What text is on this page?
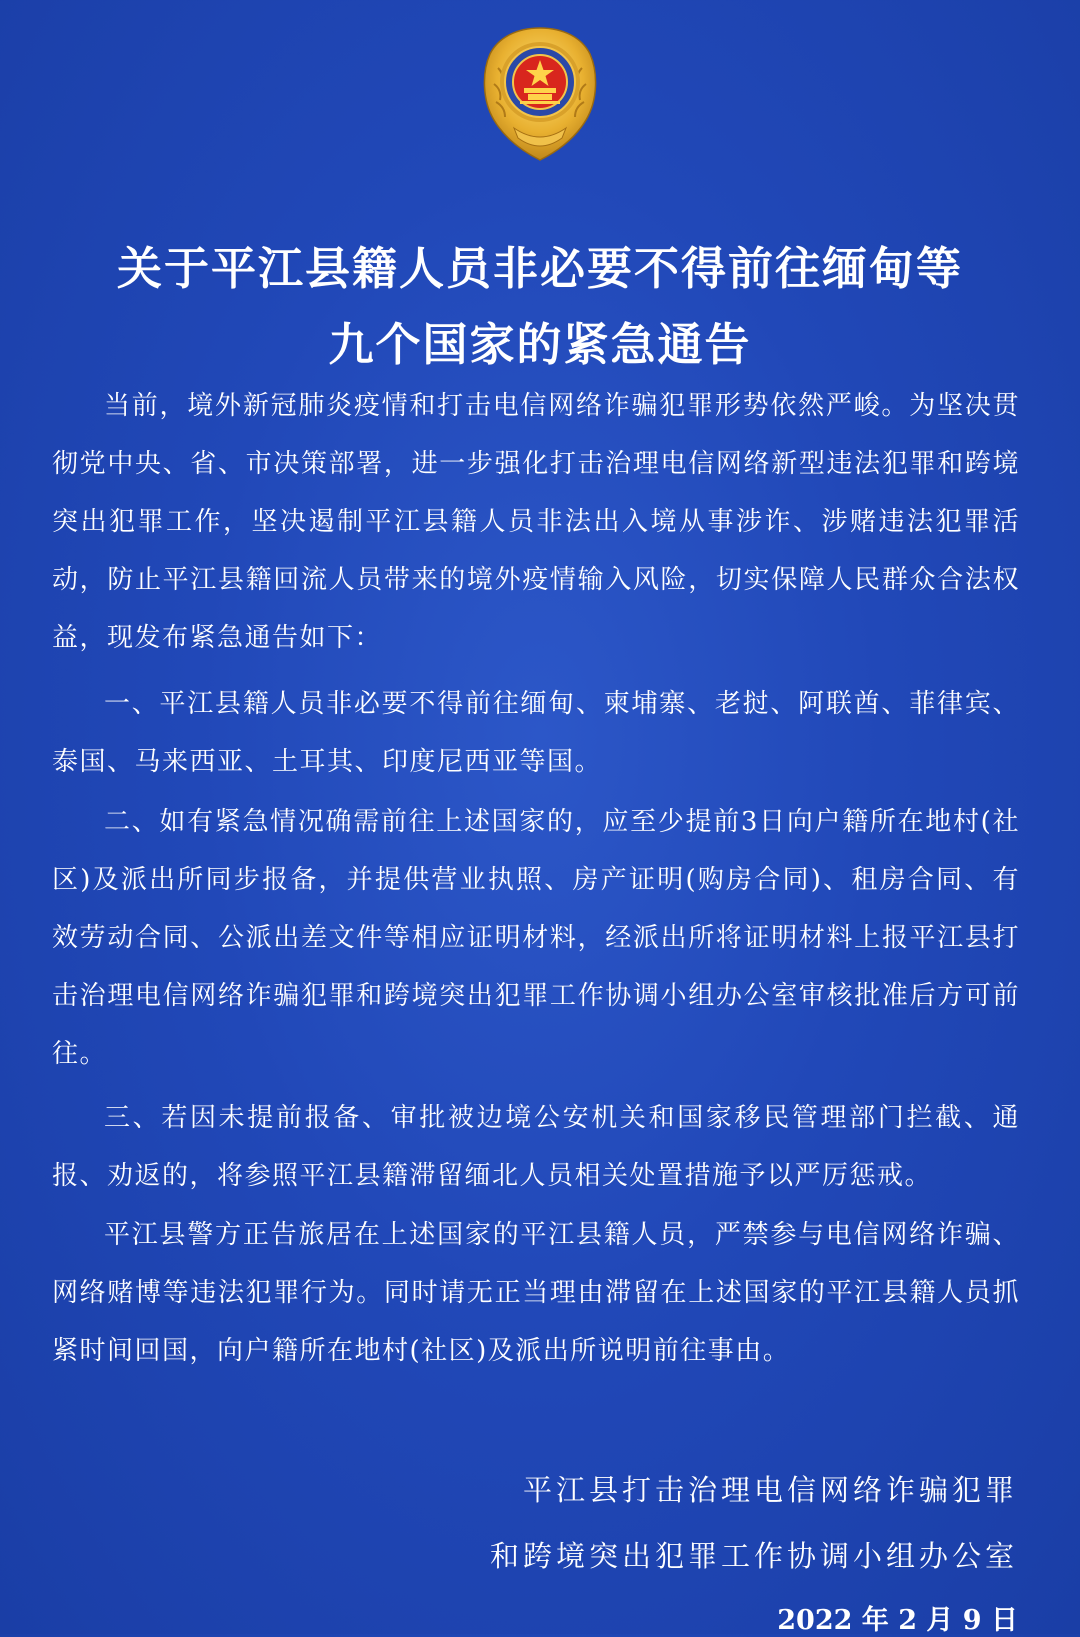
关于平江县籍人员非必要不得前往缅甸等
九个国家的紧急通告

当前，境外新冠肺炎疫情和打击电信网络诈骗犯罪形势依然严峻。为坚决贯彻党中央、省、市决策部署，进一步强化打击治理电信网络新型违法犯罪和跨境突出犯罪工作，坚决遏制平江县籍人员非法出入境从事涉诈、涉赌违法犯罪活动，防止平江县籍回流人员带来的境外疫情输入风险，切实保障人民群众合法权益，现发布紧急通告如下：

一、平江县籍人员非必要不得前往缅甸、柬埔寨、老挝、阿联酋、菲律宾、泰国、马来西亚、土耳其、印度尼西亚等国。

二、如有紧急情况确需前往上述国家的，应至少提前3日向户籍所在地村(社区)及派出所同步报备，并提供营业执照、房产证明(购房合同)、租房合同、有效劳动合同、公派出差文件等相应证明材料，经派出所将证明材料上报平江县打击治理电信网络诈骗犯罪和跨境突出犯罪工作协调小组办公室审核批准后方可前往。

三、若因未提前报备、审批被边境公安机关和国家移民管理部门拦截、通报、劝返的，将参照平江县籍滞留缅北人员相关处置措施予以严厉惩戒。

平江县警方正告旅居在上述国家的平江县籍人员，严禁参与电信网络诈骗、网络赌博等违法犯罪行为。同时请无正当理由滞留在上述国家的平江县籍人员抓紧时间回国，向户籍所在地村(社区)及派出所说明前往事由。

平江县打击治理电信网络诈骗犯罪
和跨境突出犯罪工作协调小组办公室
2022 年 2 月 9 日
